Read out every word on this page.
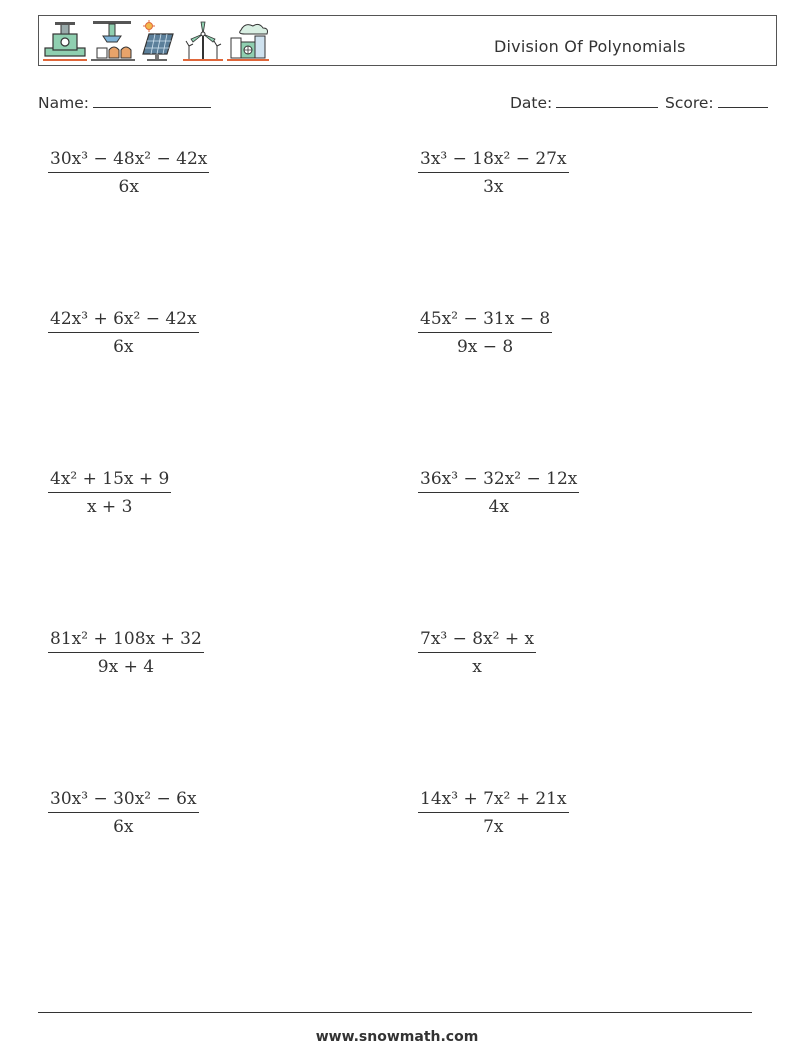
Division Of Polynomials
Name:	Date:	Score:
$\frac{\text{30x³ − 48x² − 42x}}{6x}$	$\frac{\text{3x³ − 18x² − 27x}}{3x}$
$\frac{\text{42x³ + 6x² − 42x}}{6x}$	$\frac{\text{45x² − 31x − 8}}{9x - 8}$
$\frac{\text{4x² + 15x + 9}}{x + 3}$	$\frac{\text{36x³ − 32x² − 12x}}{4x}$
$\frac{\text{81x² + 108x + 32}}{9x + 4}$	$\frac{\text{7x³ − 8x² + x}}{x}$
$\frac{\text{30x³ − 30x² − 6x}}{6x}$	$\frac{\text{14x³ + 7x² + 21x}}{7x}$
www.snowmath.com
